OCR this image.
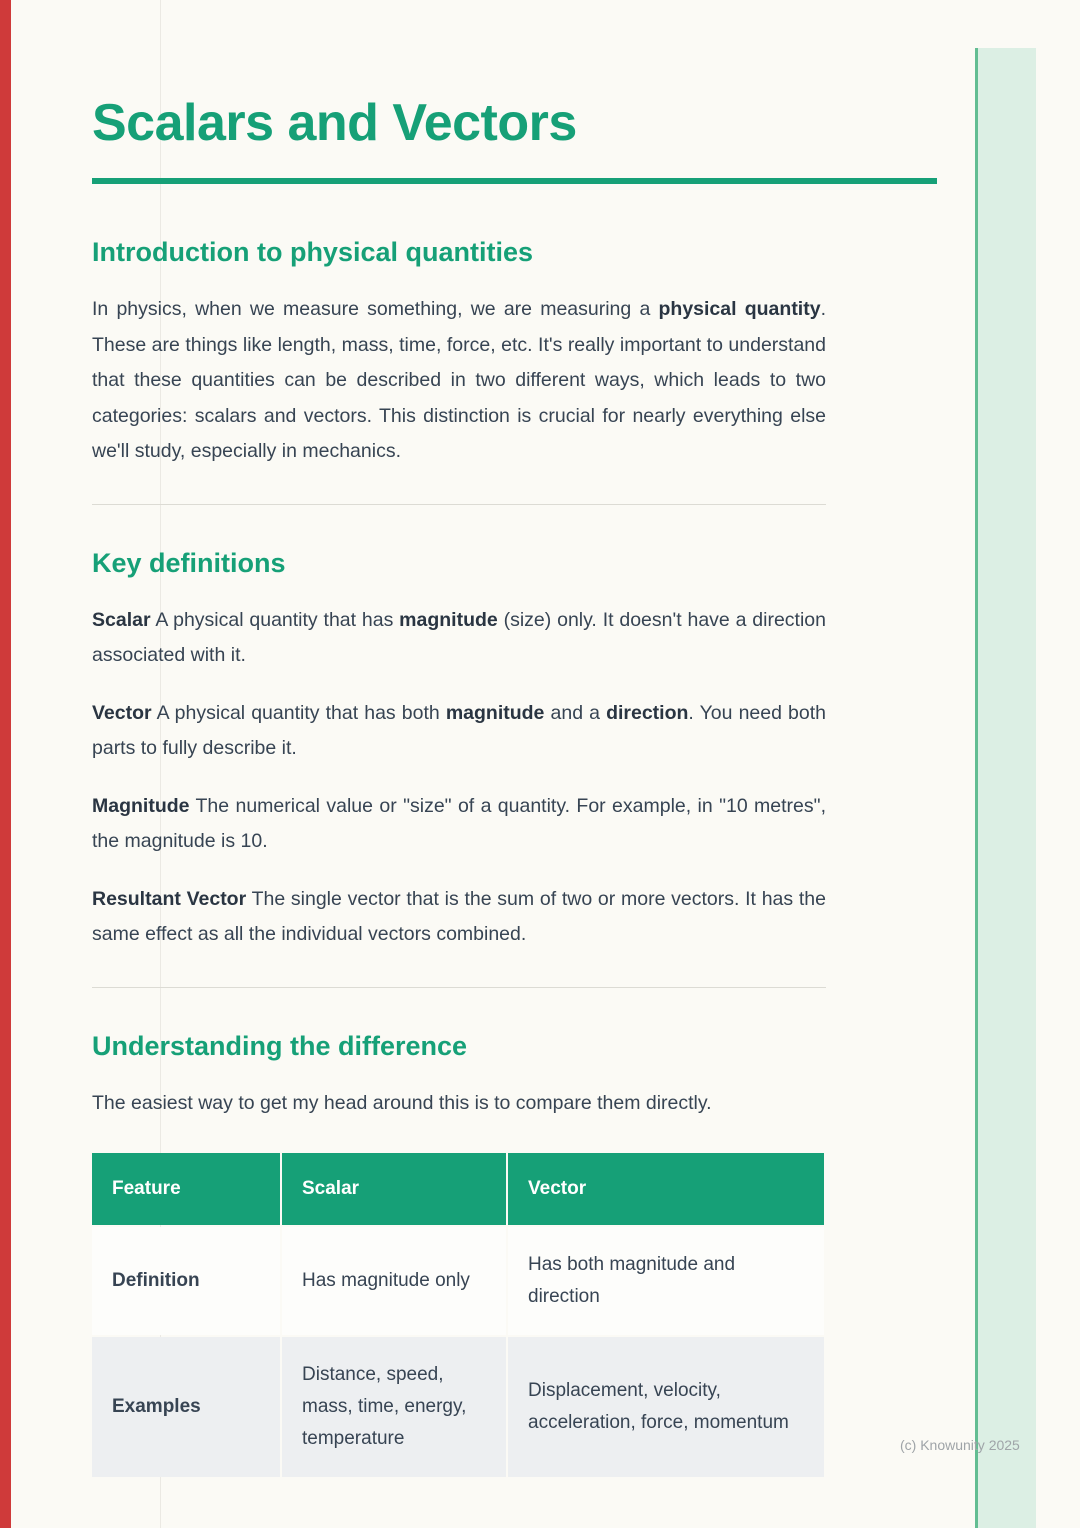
Scalars and Vectors
Introduction to physical quantities

In physics, when we measure something, we are measuring a physical quantity. These are things like length, mass, time, force, etc. It's really important to understand that these quantities can be described in two different ways, which leads to two categories: scalars and vectors. This distinction is crucial for nearly everything else we'll study, especially in mechanics.

Key definitions

Scalar A physical quantity that has magnitude (size) only. It doesn't have a direction associated with it.

Vector A physical quantity that has both magnitude and a direction. You need both parts to fully describe it.

Magnitude The numerical value or "size" of a quantity. For example, in "10 metres", the magnitude is 10.

Resultant Vector The single vector that is the sum of two or more vectors. It has the same effect as all the individual vectors combined.

Understanding the difference

The easiest way to get my head around this is to compare them directly.

Feature	Scalar	Vector
Definition	Has magnitude only	Has both magnitude and direction
Examples	Distance, speed, mass, time, energy, temperature	Displacement, velocity, acceleration, force, momentum
(c) Knowunity 2025
